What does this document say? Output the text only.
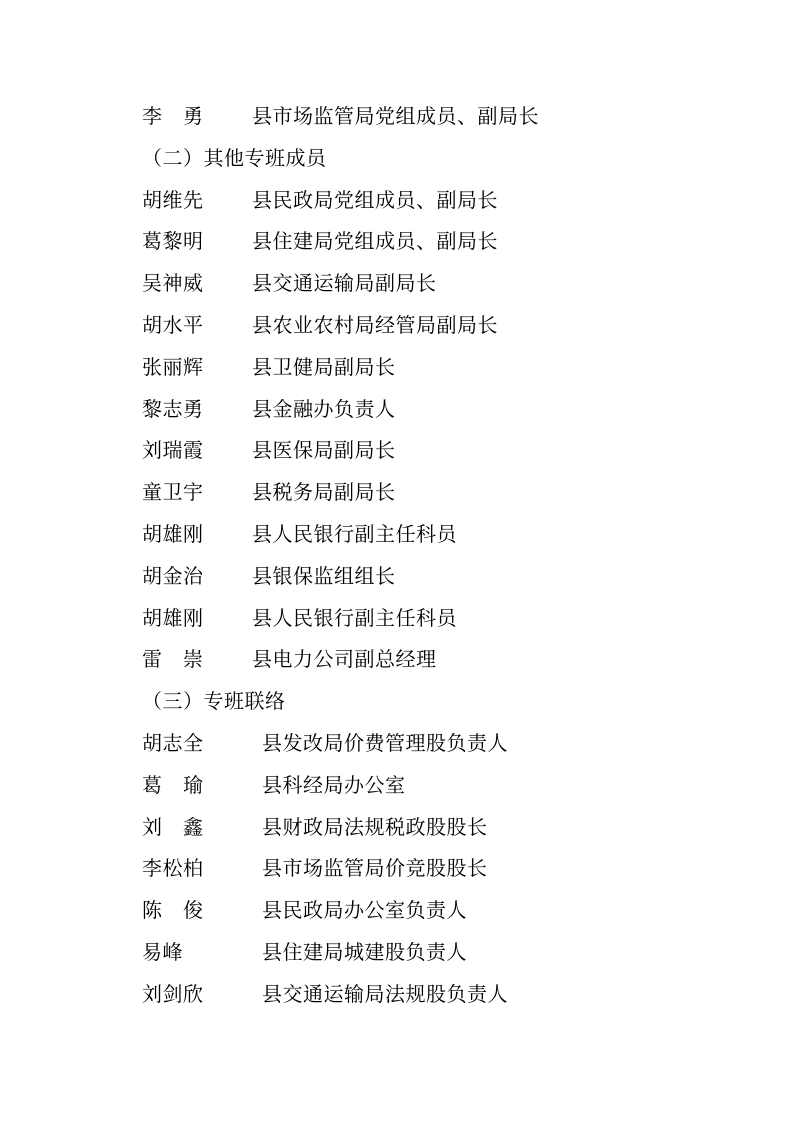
李　勇	县市场监管局党组成员、副局长
（二）其他专班成员
胡维先	县民政局党组成员、副局长
葛黎明	县住建局党组成员、副局长
吴神威	县交通运输局副局长
胡水平	县农业农村局经管局副局长
张丽辉	县卫健局副局长
黎志勇	县金融办负责人
刘瑞霞	县医保局副局长
童卫宇	县税务局副局长
胡雄刚	县人民银行副主任科员
胡金治	县银保监组组长
胡雄刚	县人民银行副主任科员
雷　崇	县电力公司副总经理
（三）专班联络
胡志全	县发改局价费管理股负责人
葛　瑜	县科经局办公室
刘　鑫	县财政局法规税政股股长
李松柏	县市场监管局价竞股股长
陈　俊	县民政局办公室负责人
易峰	县住建局城建股负责人
刘剑欣	县交通运输局法规股负责人
